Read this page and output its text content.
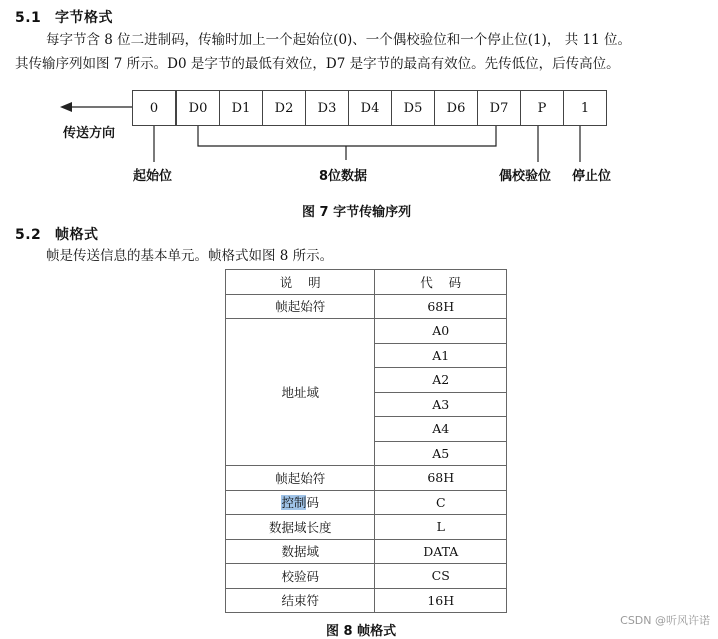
5.1 字节格式
每字节含 8 位二进制码，传输时加上一个起始位(0)、一个偶校验位和一个停止位(1)， 共 11 位。
其传输序列如图 7 所示。D0 是字节的最低有效位，D7 是字节的最高有效位。先传低位，后传高位。
0	D0	D1	D2	D3	D4	D5	D6	D7	P	1
传送方向
起始位	8位数据	偶校验位 停止位
图 7 字节传输序列
5.2 帧格式
帧是传送信息的基本单元。帧格式如图 8 所示。
说    明	代    码
帧起始符	68H
地址域	A0
	A1
	A2
	A3
	A4
	A5
帧起始符	68H
控制码	C
数据域长度	L
数据域	DATA
校验码	CS
结束符	16H
图 8 帧格式
CSDN @听风许诺
